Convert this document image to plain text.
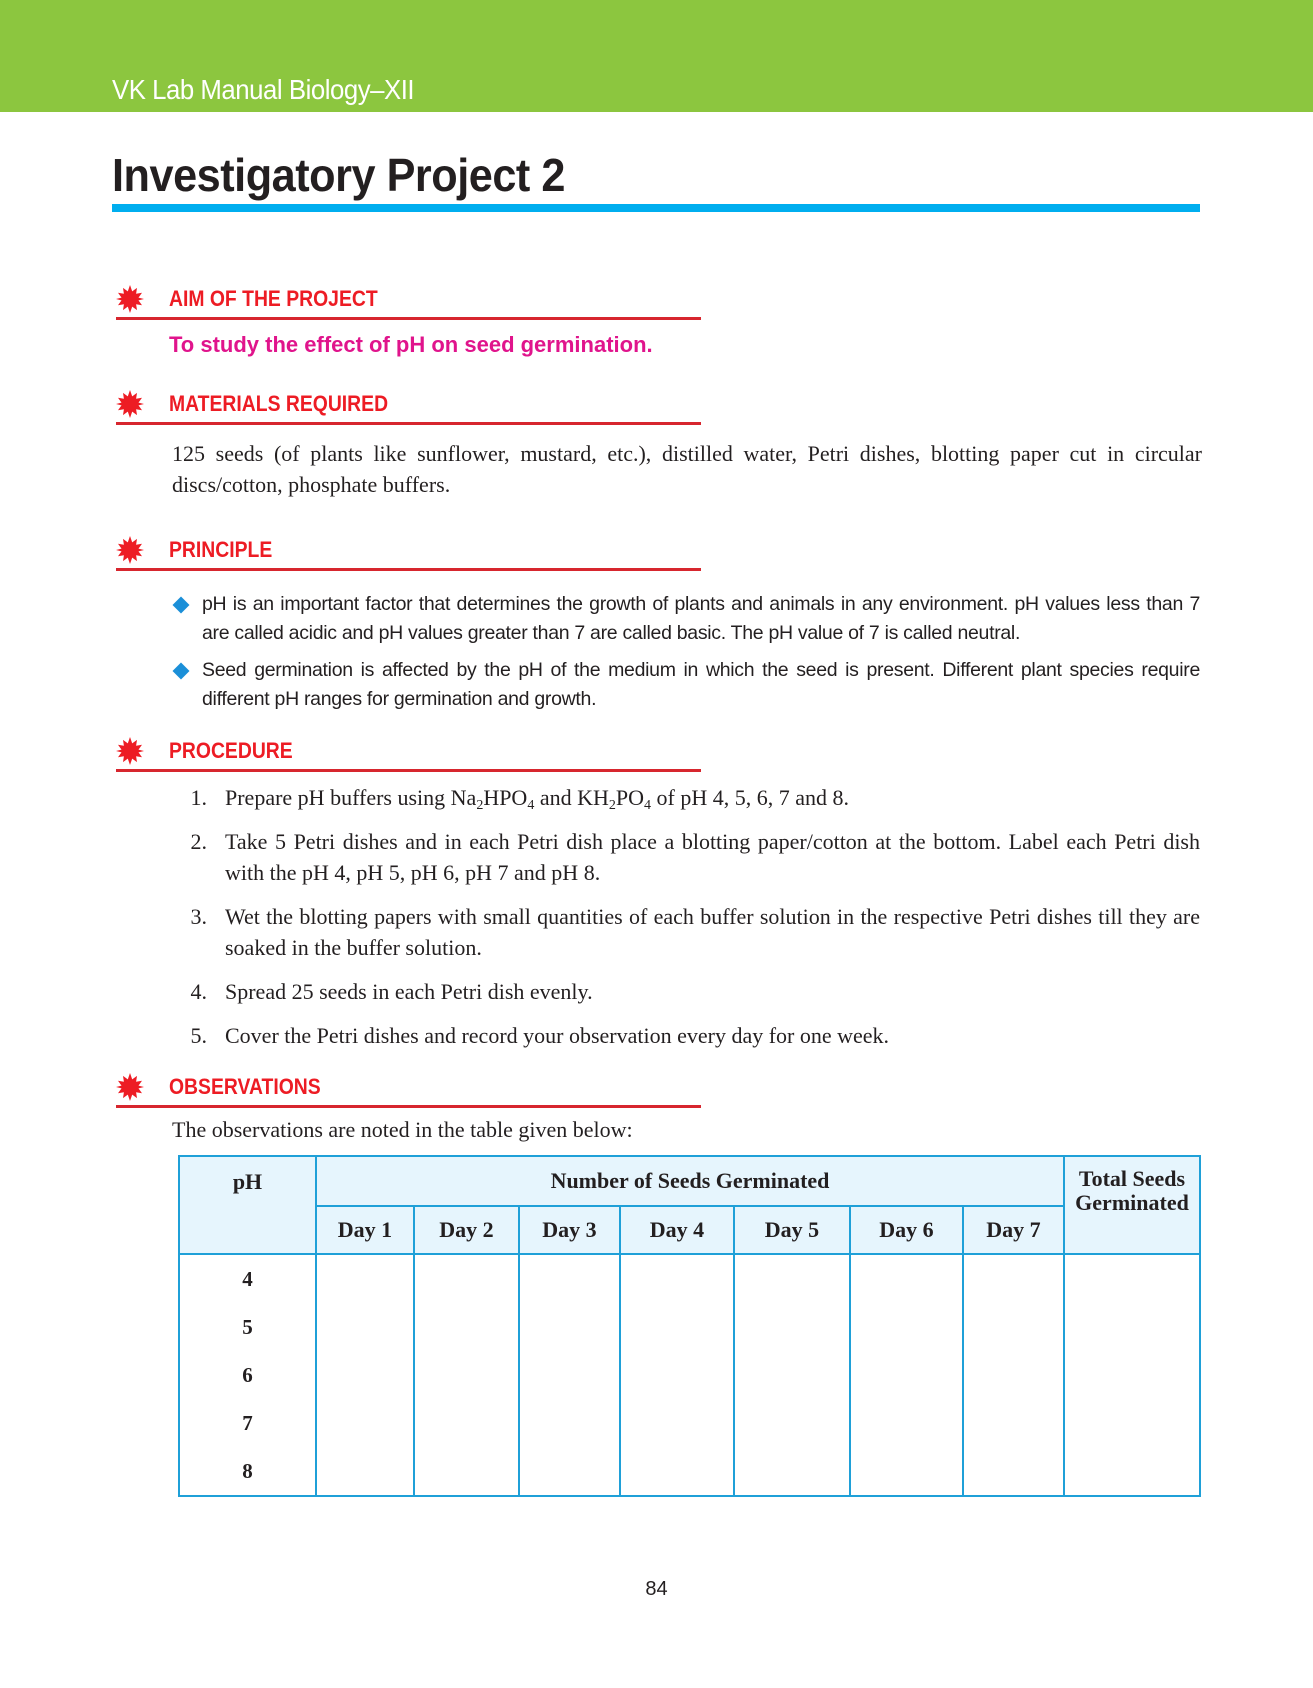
VK Lab Manual Biology–XII
Investigatory Project 2
AIM OF THE PROJECT
To study the effect of pH on seed germination.
MATERIALS REQUIRED
125 seeds (of plants like sunflower, mustard, etc.), distilled water, Petri dishes, blotting paper cut in circular discs/cotton, phosphate buffers.
PRINCIPLE
pH is an important factor that determines the growth of plants and animals in any environment. pH values less than 7 are called acidic and pH values greater than 7 are called basic. The pH value of 7 is called neutral.
Seed germination is affected by the pH of the medium in which the seed is present. Different plant species require different pH ranges for germination and growth.
PROCEDURE
1. Prepare pH buffers using $Na_2HPO_4$ and $KH_2PO_4$ of pH 4, 5, 6, 7 and 8.
2. Take 5 Petri dishes and in each Petri dish place a blotting paper/cotton at the bottom. Label each Petri dish with the pH 4, pH 5, pH 6, pH 7 and pH 8.
3. Wet the blotting papers with small quantities of each buffer solution in the respective Petri dishes till they are soaked in the buffer solution.
4. Spread 25 seeds in each Petri dish evenly.
5. Cover the Petri dishes and record your observation every day for one week.
OBSERVATIONS
The observations are noted in the table given below:
pH	Number of Seeds Germinated							Total Seeds
Germinated
	Day 1	Day 2	Day 3	Day 4	Day 5	Day 6	Day 7	

4
5
6
7
8								

84
